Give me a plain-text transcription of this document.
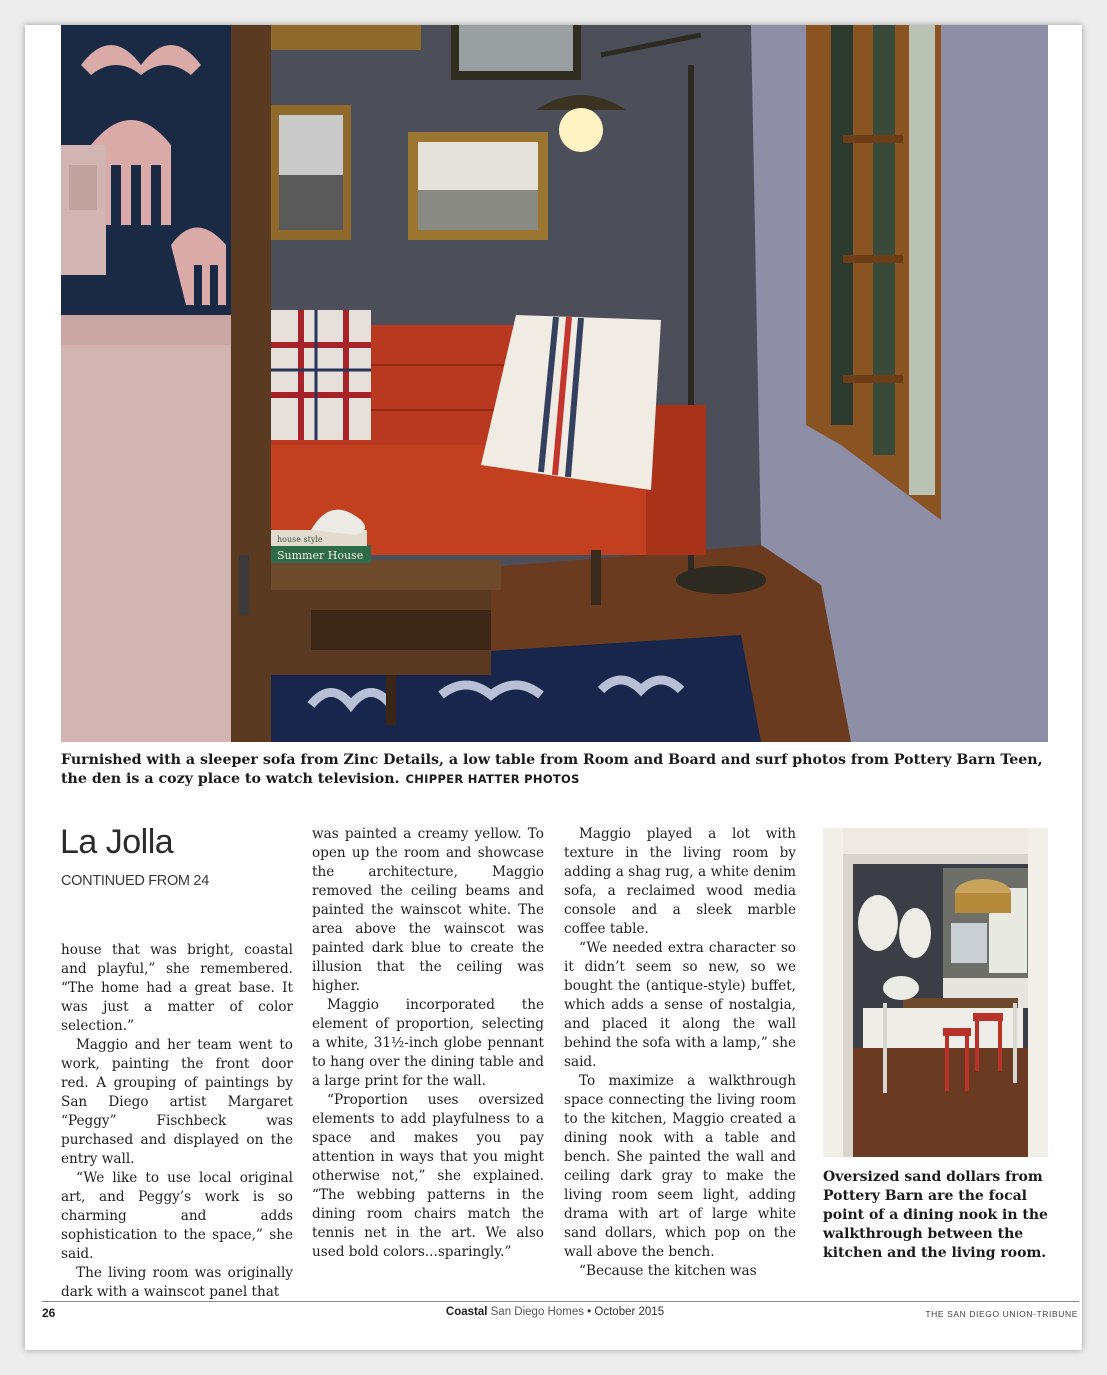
Summer House
house style
Furnished with a sleeper sofa from Zinc Details, a low table from Room and Board and surf photos from Pottery Barn Teen, the den is a cozy place to watch television. CHIPPER HATTER PHOTOS
La Jolla
CONTINUED FROM 24

house that was bright, coastal and playful,” she remembered. “The home had a great base. It was just a matter of color selection.”

Maggio and her team went to work, painting the front door red. A grouping of paintings by San Diego artist Margaret “Peggy” Fischbeck was purchased and displayed on the entry wall.

“We like to use local original art, and Peggy’s work is so charming and adds sophistication to the space,” she said.

The living room was originally dark with a wainscot panel that

was painted a creamy yellow. To open up the room and showcase the architecture, Maggio removed the ceiling beams and painted the wainscot white. The area above the wainscot was painted dark blue to create the illusion that the ceiling was higher.

Maggio incorporated the element of proportion, selecting a white, 31½-inch globe pennant to hang over the dining table and a large print for the wall.

“Proportion uses oversized elements to add playfulness to a space and makes you pay attention in ways that you might otherwise not,” she explained. “The webbing patterns in the dining room chairs match the tennis net in the art. We also used bold colors...sparingly.”

Maggio played a lot with texture in the living room by adding a shag rug, a white denim sofa, a reclaimed wood media console and a sleek marble coffee table.

“We needed extra character so it didn’t seem so new, so we bought the (antique-style) buffet, which adds a sense of nostalgia, and placed it along the wall behind the sofa with a lamp,” she said.

To maximize a walkthrough space connecting the living room to the kitchen, Maggio created a dining nook with a table and bench. She painted the wall and ceiling dark gray to make the living room seem light, adding drama with art of large white sand dollars, which pop on the wall above the bench.

“Because the kitchen was

Oversized sand dollars from Pottery Barn are the focal point of a dining nook in the walkthrough between the kitchen and the living room.
26	Coastal San Diego Homes • October 2015	THE SAN DIEGO UNION-TRIBUNE
